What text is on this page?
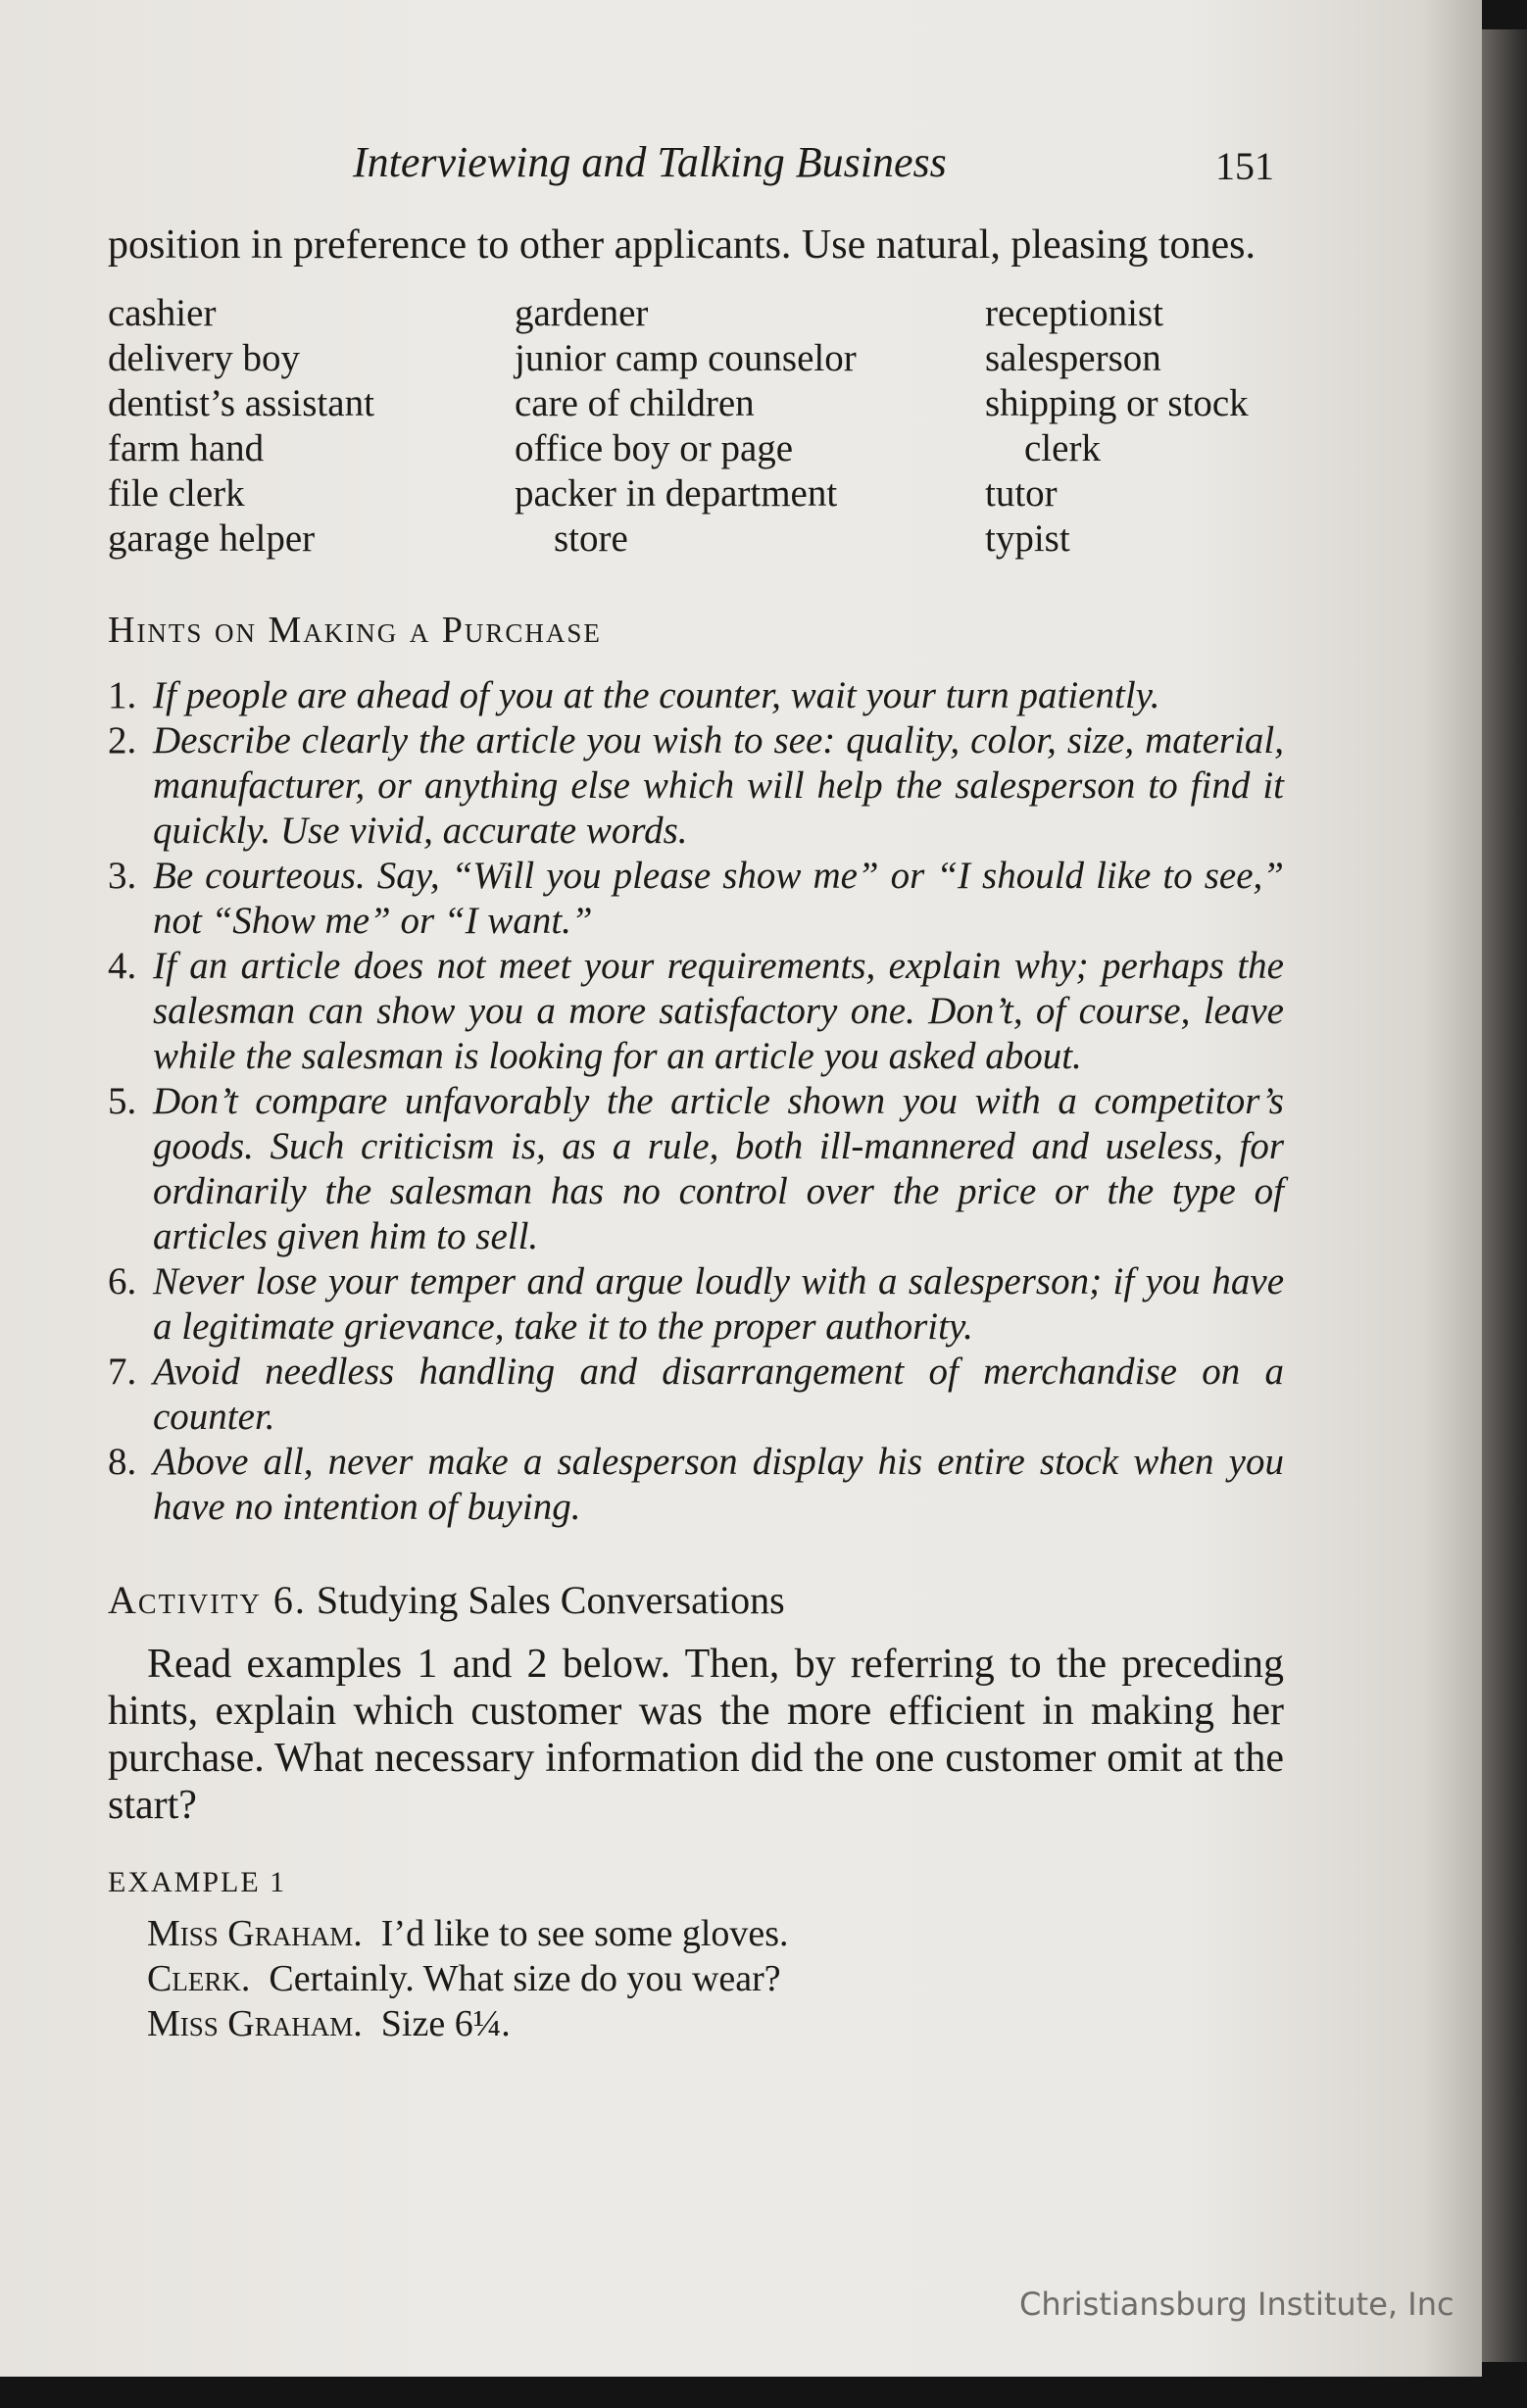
Interviewing and Talking Business	151

position in preference to other applicants. Use natural, pleasing tones.

cashier
delivery boy
dentist’s assistant
farm hand
file clerk
garage helper
gardener
junior camp counselor
care of children
office boy or page
packer in department
store
receptionist
salesperson
shipping or stock
clerk
tutor
typist
Hints on Making a Purchase
1. If people are ahead of you at the counter, wait your turn patiently.
2. Describe clearly the article you wish to see: quality, color, size, material, manufacturer, or anything else which will help the salesperson to find it quickly. Use vivid, accurate words.
3. Be courteous. Say, “Will you please show me” or “I should like to see,” not “Show me” or “I want.”
4. If an article does not meet your requirements, explain why; perhaps the salesman can show you a more satisfactory one. Don’t, of course, leave while the salesman is looking for an article you asked about.
5. Don’t compare unfavorably the article shown you with a competitor’s goods. Such criticism is, as a rule, both ill-mannered and useless, for ordinarily the salesman has no control over the price or the type of articles given him to sell.
6. Never lose your temper and argue loudly with a salesperson; if you have a legitimate grievance, take it to the proper authority.
7. Avoid needless handling and disarrangement of merchandise on a counter.
8. Above all, never make a salesperson display his entire stock when you have no intention of buying.
Activity 6. Studying Sales Conversations

Read examples 1 and 2 below. Then, by referring to the preceding hints, explain which customer was the more efficient in making her purchase. What necessary information did the one customer omit at the start?

EXAMPLE 1
Miss Graham. I’d like to see some gloves.
Clerk. Certainly. What size do you wear?
Miss Graham. Size 6¼.
Christiansburg Institute, Inc
